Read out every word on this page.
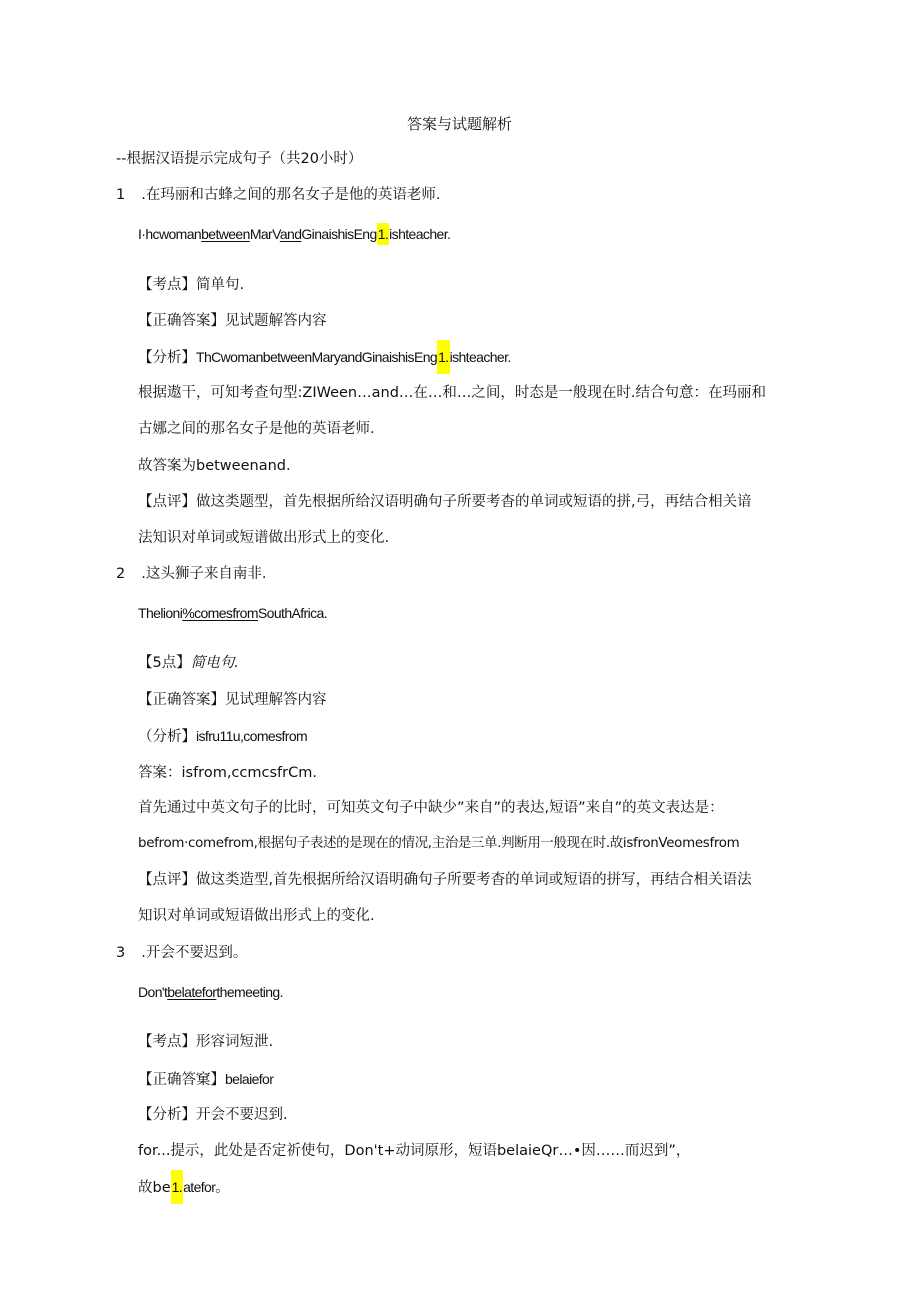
答案与试题解析
--根据汉语提示完成句子（共20小时）
1 .在玛丽和古蜂之间的那名女子是他的英语老师.
I·hcwomanbetweenMarVandGinaishisEng1.ishteacher.
【考点】简单句.
【正确答案】见试题解答内容
【分析】ThCwomanbetweenMaryandGinaishisEng1.ishteacher.
根据遨干，可知考查句型:ZIWeen…and…在…和…之间，时态是一般现在时.结合句意：在玛丽和
古娜之间的那名女子是他的英语老师.
故答案为betweenand.
【点评】做这类题型，首先根据所给汉语明确句子所要考杳的单词或短语的拼,弓，再结合相关谙
法知识对单词或短谱做出形式上的变化.
2 .这头狮子来自南非.
Thelioni%comesfromSouthAfrica.
【5点】简电句.
【正确答案】见试理解答内容
（分析】isfru11u,comesfrom
答案：isfrom,ccmcsfrCm.
首先通过中英文句子的比时，可知英文句子中缺少”来自”的表达,短语”来自”的英文表达是：
befrom·comefrom,根据句子表述的是现在的情况,主治是三单.判断用一般现在时.故isfronVeomesfrom
【点评】做这类造型,首先根据所给汉语明确句子所要考杳的单词或短语的拼写，再结合相关语法
知识对单词或短语做出形式上的变化.
3 .开会不要迟到。
Don'tbelateforthemeeting.
【考点】形容词短泄.
【正确答窠】belaiefor
【分析】开会不要迟到.
for...提示，此处是否定祈使句，Don't+动词原形，短语belaieQr…•因……而迟到”，
故be1.atefor。
